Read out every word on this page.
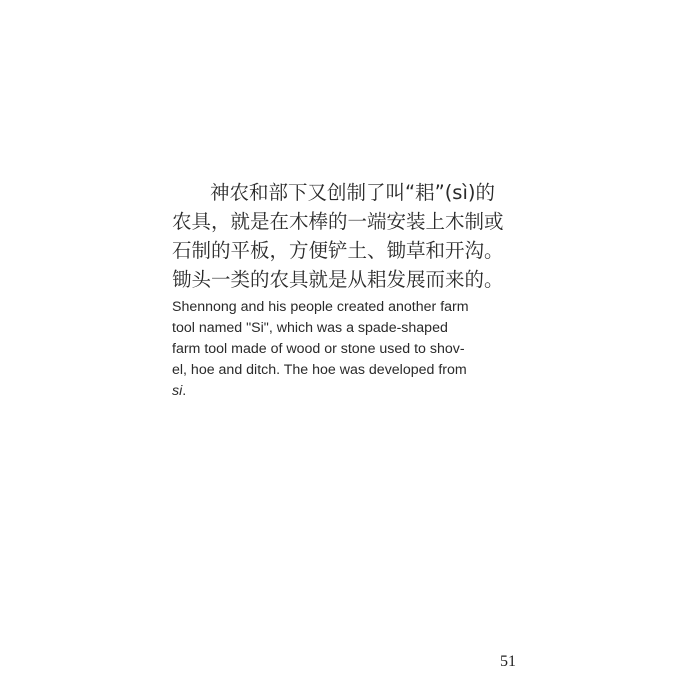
神农和部下又创制了叫“耜”(sì)的
农具，就是在木棒的一端安装上木制或
石制的平板，方便铲土、锄草和开沟。
锄头一类的农具就是从耜发展而来的。
Shennong and his people created another farm
tool named "Si", which was a spade-shaped
farm tool made of wood or stone used to shov-
el, hoe and ditch. The hoe was developed from
si.
51
